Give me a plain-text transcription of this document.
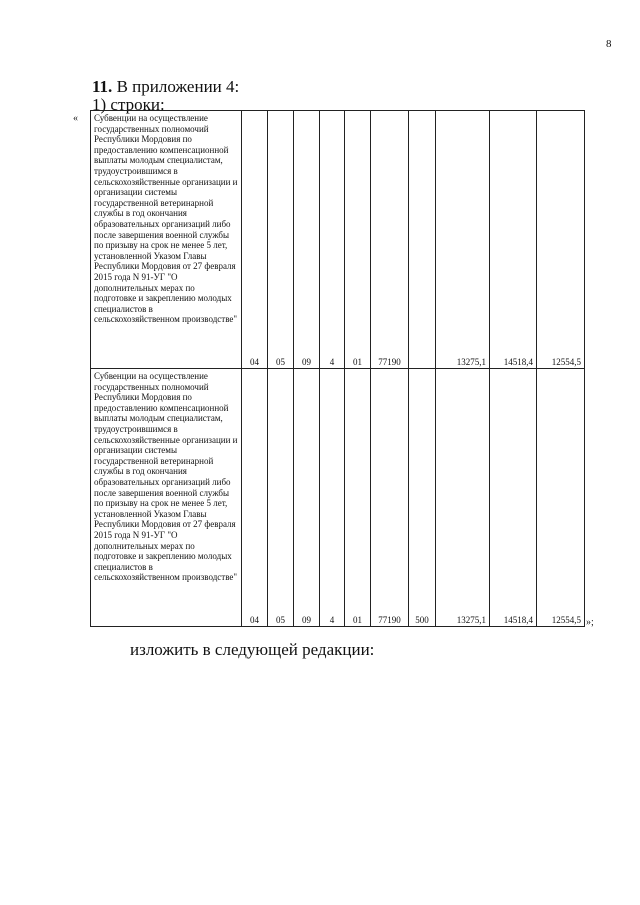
8
11. В приложении 4:
1) строки:
« Субвенции на осуществление государственных полномочий Республики Мордовия по предоставлению компенсационной выплаты молодым специалистам, трудоустроившимся в сельскохозяйственные организации и организации системы государственной ветеринарной службы в год окончания образовательных организаций либо после завершения военной службы по призыву на срок не менее 5 лет, установленной Указом Главы Республики Мордовия от 27 февраля 2015 года N 91-УГ "О дополнительных мерах по подготовке и закреплению молодых специалистов в сельскохозяйственном производстве"	04	05	09	4	01	77190		13275,1	14518,4	12554,5
Субвенции на осуществление государственных полномочий Республики Мордовия по предоставлению компенсационной выплаты молодым специалистам, трудоустроившимся в сельскохозяйственные организации и организации системы государственной ветеринарной службы в год окончания образовательных организаций либо после завершения военной службы по призыву на срок не менее 5 лет, установленной Указом Главы Республики Мордовия от 27 февраля 2015 года N 91-УГ "О дополнительных мерах по подготовке и закреплению молодых специалистов в сельскохозяйственном производстве"	04	05	09	4	01	77190	500	13275,1	14518,4	12554,5 »;
изложить в следующей редакции:
